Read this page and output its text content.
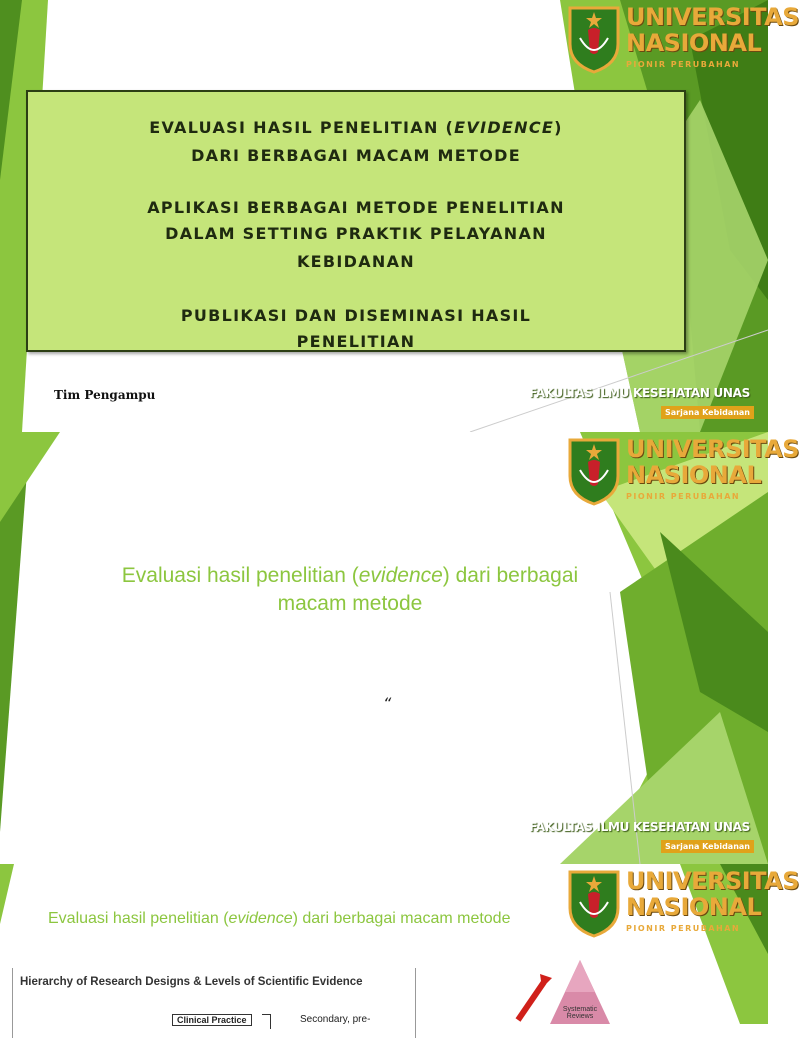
UNIVERSITAS
NASIONAL
PIONIR PERUBAHAN
EVALUASI HASIL PENELITIAN (EVIDENCE)
DARI BERBAGAI MACAM METODE
APLIKASI BERBAGAI METODE PENELITIAN
DALAM SETTING PRAKTIK PELAYANAN
KEBIDANAN
PUBLIKASI DAN DISEMINASI HASIL
PENELITIAN
Tim Pengampu	FAKULTAS ILMU KESEHATAN UNAS
Sarjana Kebidanan
UNIVERSITAS
NASIONAL
PIONIR PERUBAHAN
Evaluasi hasil penelitian (evidence) dari berbagai
macam metode
“
FAKULTAS ILMU KESEHATAN UNAS
Sarjana Kebidanan
UNIVERSITAS
NASIONAL
PIONIR PERUBAHAN
Evaluasi hasil penelitian (evidence) dari berbagai macam metode
Hierarchy of Research Designs & Levels of Scientific Evidence
Clinical Practice	Secondary, pre-
Systematic Reviews
